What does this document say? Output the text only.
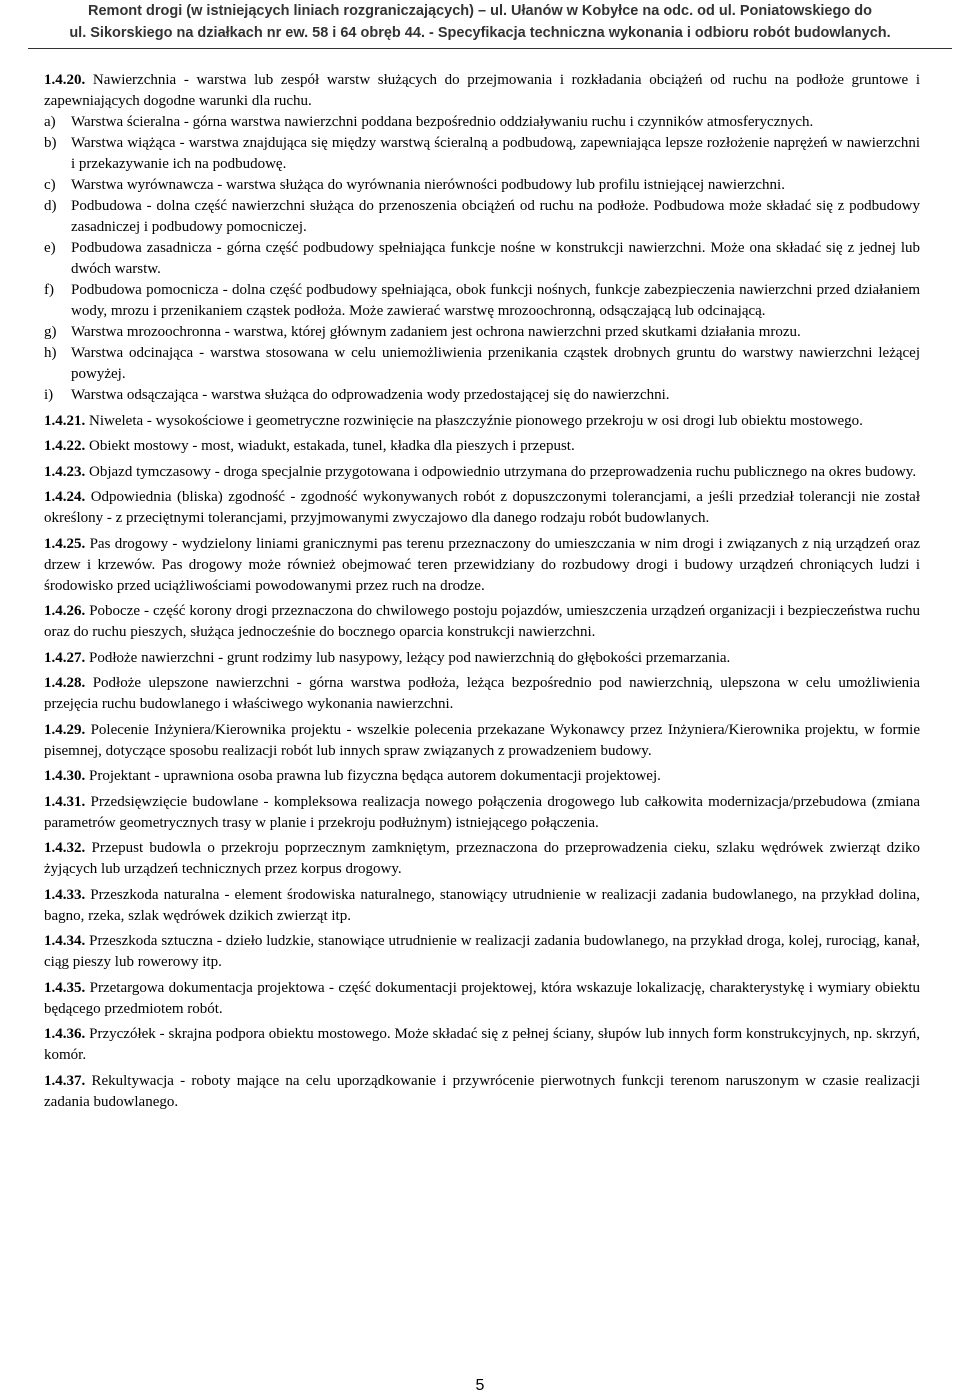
Remont drogi (w istniejących liniach rozgraniczających) – ul. Ułanów w Kobyłce na odc. od ul. Poniatowskiego do
ul. Sikorskiego na działkach nr ew. 58 i 64 obręb 44. - Specyfikacja techniczna wykonania i odbioru robót budowlanych.

1.4.20. Nawierzchnia - warstwa lub zespół warstw służących do przejmowania i rozkładania obciążeń od ruchu na podłoże gruntowe i zapewniających dogodne warunki dla ruchu.

a) Warstwa ścieralna - górna warstwa nawierzchni poddana bezpośrednio oddziaływaniu ruchu i czynników atmosferycznych.
b) Warstwa wiążąca - warstwa znajdująca się między warstwą ścieralną a podbudową, zapewniająca lepsze rozłożenie naprężeń w nawierzchni i przekazywanie ich na podbudowę.
c) Warstwa wyrównawcza - warstwa służąca do wyrównania nierówności podbudowy lub profilu istniejącej nawierzchni.
d) Podbudowa - dolna część nawierzchni służąca do przenoszenia obciążeń od ruchu na podłoże. Podbudowa może składać się z podbudowy zasadniczej i podbudowy pomocniczej.
e) Podbudowa zasadnicza - górna część podbudowy spełniająca funkcje nośne w konstrukcji nawierzchni. Może ona składać się z jednej lub dwóch warstw.
f) Podbudowa pomocnicza - dolna część podbudowy spełniająca, obok funkcji nośnych, funkcje zabezpieczenia nawierzchni przed działaniem wody, mrozu i przenikaniem cząstek podłoża. Może zawierać warstwę mrozoochronną, odsączającą lub odcinającą.
g) Warstwa mrozoochronna - warstwa, której głównym zadaniem jest ochrona nawierzchni przed skutkami działania mrozu.
h) Warstwa odcinająca - warstwa stosowana w celu uniemożliwienia przenikania cząstek drobnych gruntu do warstwy nawierzchni leżącej powyżej.
i) Warstwa odsączająca - warstwa służąca do odprowadzenia wody przedostającej się do nawierzchni.

1.4.21. Niweleta - wysokościowe i geometryczne rozwinięcie na płaszczyźnie pionowego przekroju w osi drogi lub obiektu mostowego.

1.4.22. Obiekt mostowy - most, wiadukt, estakada, tunel, kładka dla pieszych i przepust.

1.4.23. Objazd tymczasowy - droga specjalnie przygotowana i odpowiednio utrzymana do przeprowadzenia ruchu publicznego na okres budowy.

1.4.24. Odpowiednia (bliska) zgodność - zgodność wykonywanych robót z dopuszczonymi tolerancjami, a jeśli przedział tolerancji nie został określony - z przeciętnymi tolerancjami, przyjmowanymi zwyczajowo dla danego rodzaju robót budowlanych.

1.4.25. Pas drogowy - wydzielony liniami granicznymi pas terenu przeznaczony do umieszczania w nim drogi i związanych z nią urządzeń oraz drzew i krzewów. Pas drogowy może również obejmować teren przewidziany do rozbudowy drogi i budowy urządzeń chroniących ludzi i środowisko przed uciążliwościami powodowanymi przez ruch na drodze.

1.4.26. Pobocze - część korony drogi przeznaczona do chwilowego postoju pojazdów, umieszczenia urządzeń organizacji i bezpieczeństwa ruchu oraz do ruchu pieszych, służąca jednocześnie do bocznego oparcia konstrukcji nawierzchni.

1.4.27. Podłoże nawierzchni - grunt rodzimy lub nasypowy, leżący pod nawierzchnią do głębokości przemarzania.

1.4.28. Podłoże ulepszone nawierzchni - górna warstwa podłoża, leżąca bezpośrednio pod nawierzchnią, ulepszona w celu umożliwienia przejęcia ruchu budowlanego i właściwego wykonania nawierzchni.

1.4.29. Polecenie Inżyniera/Kierownika projektu - wszelkie polecenia przekazane Wykonawcy przez Inżyniera/Kierownika projektu, w formie pisemnej, dotyczące sposobu realizacji robót lub innych spraw związanych z prowadzeniem budowy.

1.4.30. Projektant - uprawniona osoba prawna lub fizyczna będąca autorem dokumentacji projektowej.

1.4.31. Przedsięwzięcie budowlane - kompleksowa realizacja nowego połączenia drogowego lub całkowita modernizacja/przebudowa (zmiana parametrów geometrycznych trasy w planie i przekroju podłużnym) istniejącego połączenia.

1.4.32. Przepust budowla o przekroju poprzecznym zamkniętym, przeznaczona do przeprowadzenia cieku, szlaku wędrówek zwierząt dziko żyjących lub urządzeń technicznych przez korpus drogowy.

1.4.33. Przeszkoda naturalna - element środowiska naturalnego, stanowiący utrudnienie w realizacji zadania budowlanego, na przykład dolina, bagno, rzeka, szlak wędrówek dzikich zwierząt itp.

1.4.34. Przeszkoda sztuczna - dzieło ludzkie, stanowiące utrudnienie w realizacji zadania budowlanego, na przykład droga, kolej, rurociąg, kanał, ciąg pieszy lub rowerowy itp.

1.4.35. Przetargowa dokumentacja projektowa - część dokumentacji projektowej, która wskazuje lokalizację, charakterystykę i wymiary obiektu będącego przedmiotem robót.

1.4.36. Przyczółek - skrajna podpora obiektu mostowego. Może składać się z pełnej ściany, słupów lub innych form konstrukcyjnych, np. skrzyń, komór.

1.4.37. Rekultywacja - roboty mające na celu uporządkowanie i przywrócenie pierwotnych funkcji terenom naruszonym w czasie realizacji zadania budowlanego.

5
